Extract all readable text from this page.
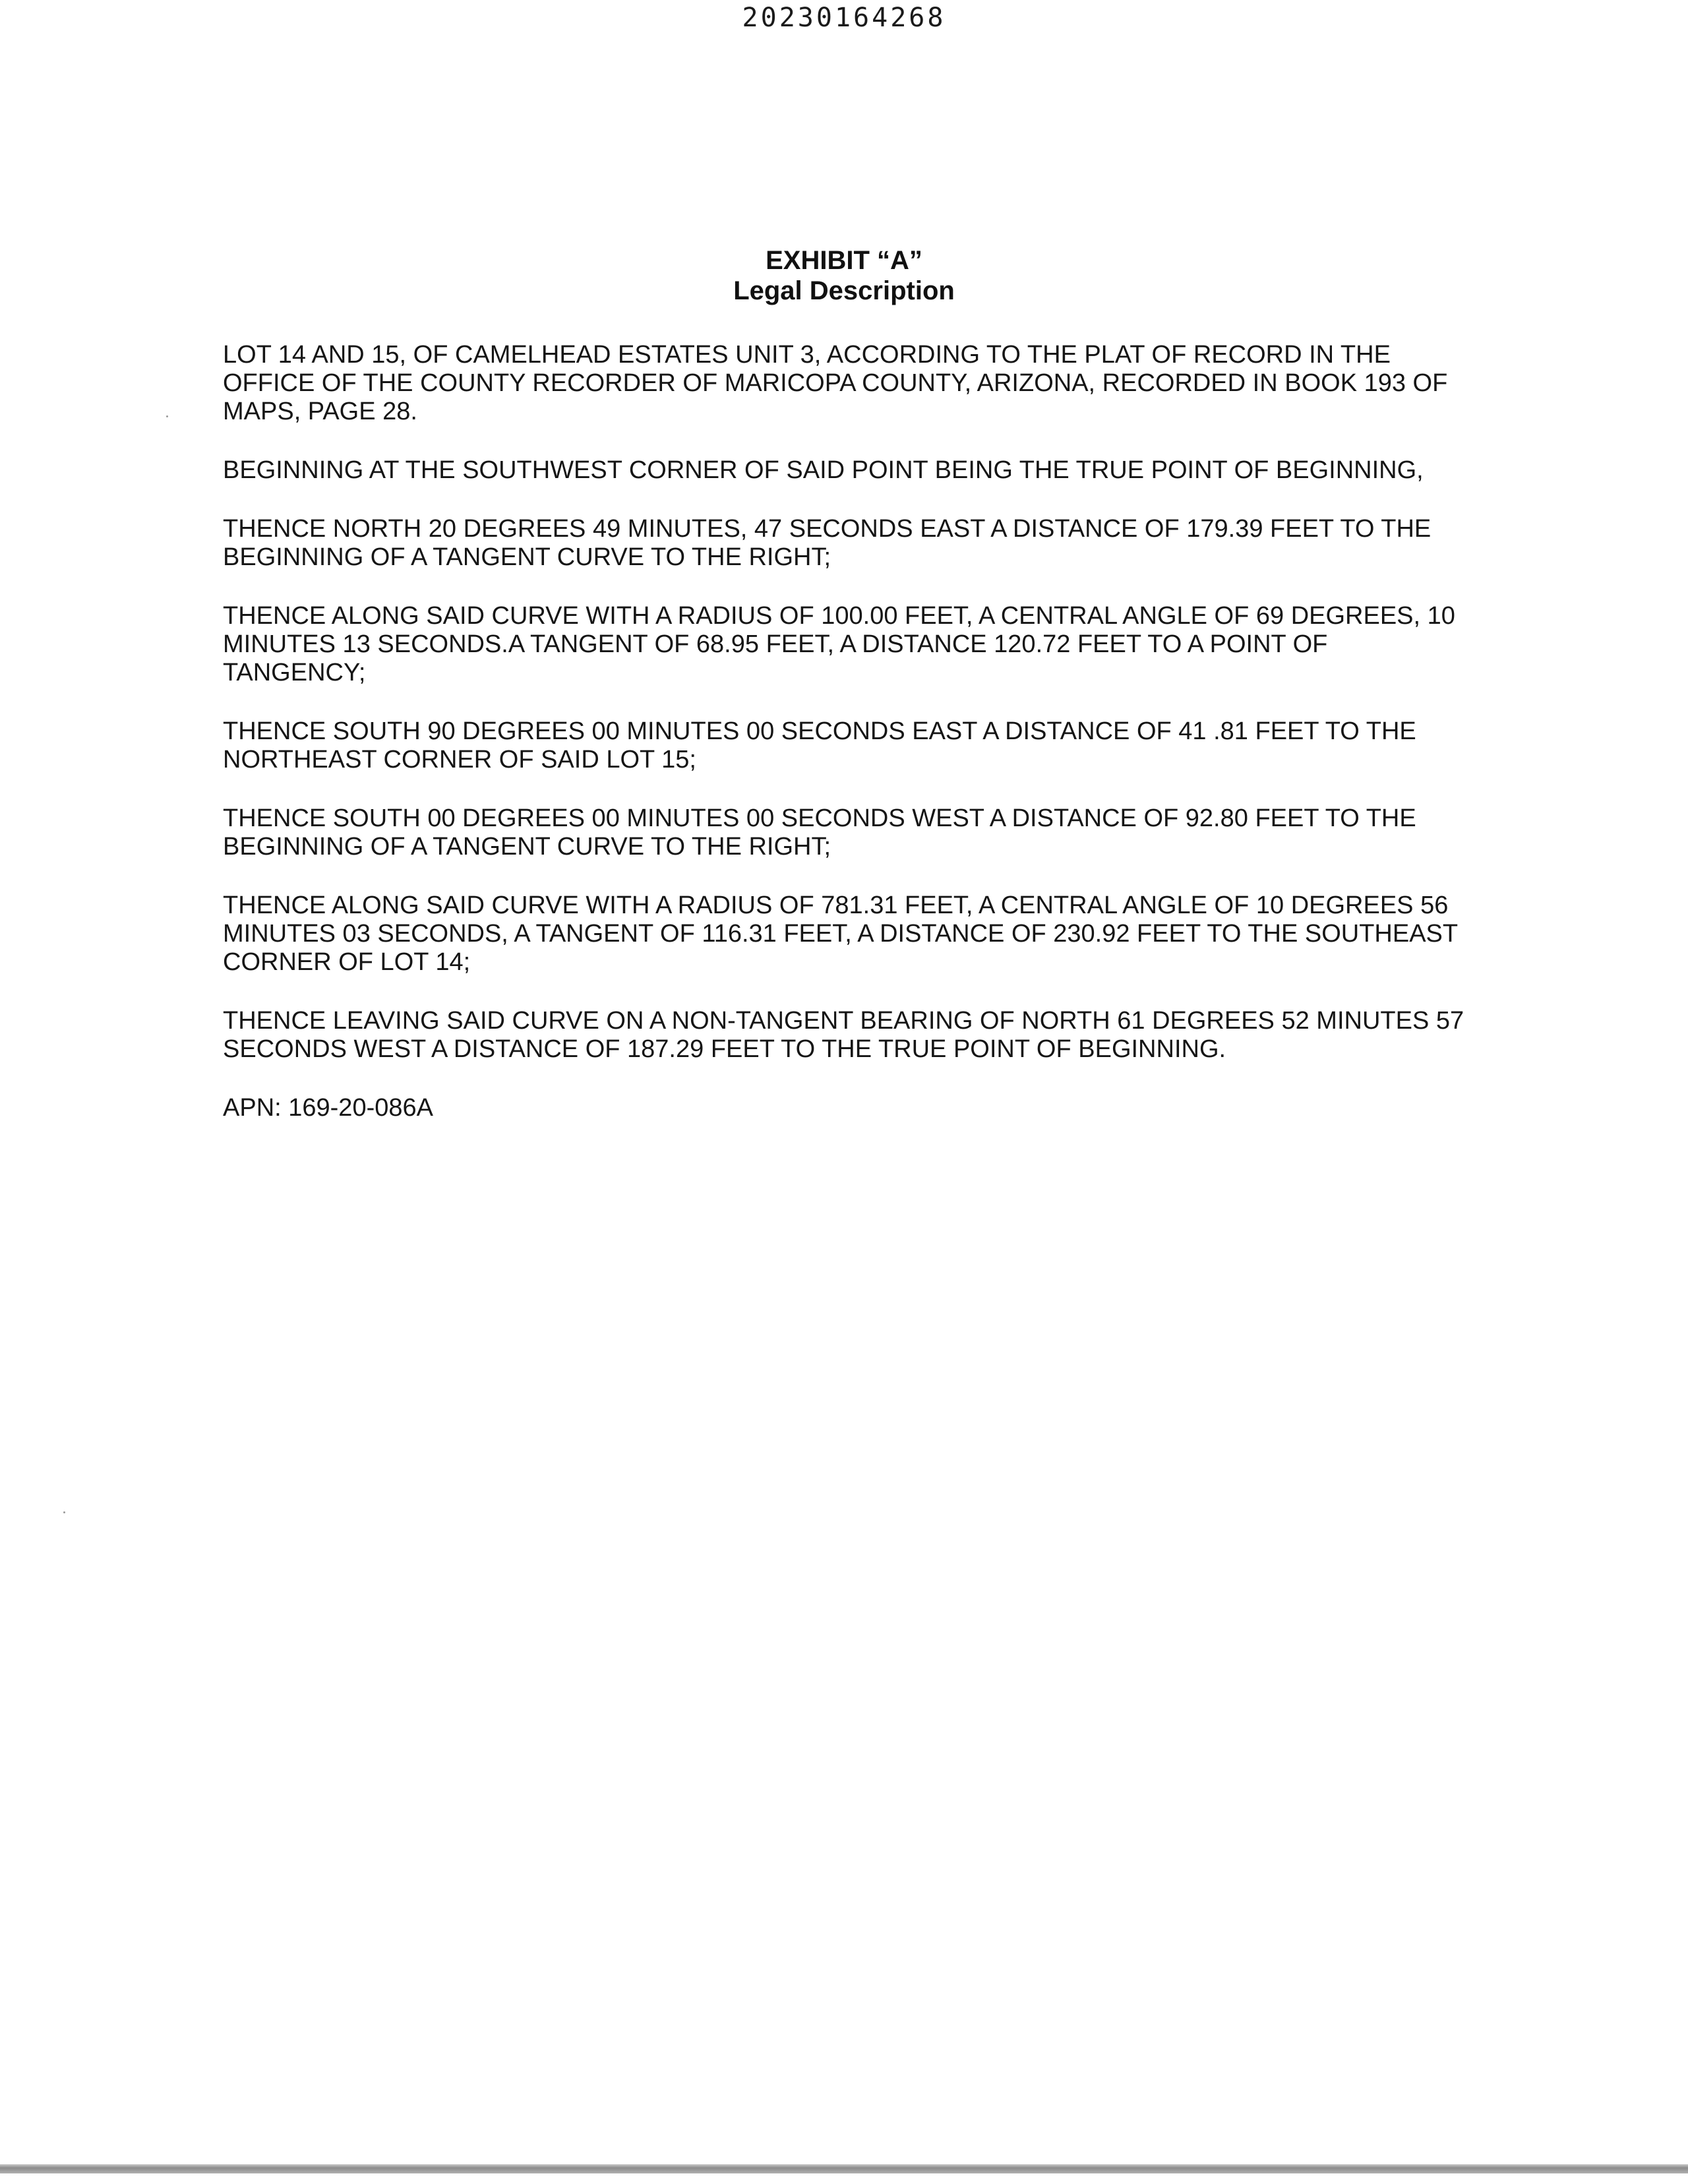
20230164268
EXHIBIT “A”
Legal Description

LOT 14 AND 15, OF CAMELHEAD ESTATES UNIT 3, ACCORDING TO THE PLAT OF RECORD IN THE OFFICE OF THE COUNTY RECORDER OF MARICOPA COUNTY, ARIZONA, RECORDED IN BOOK 193 OF MAPS, PAGE 28.

BEGINNING AT THE SOUTHWEST CORNER OF SAID POINT BEING THE TRUE POINT OF BEGINNING,

THENCE NORTH 20 DEGREES 49 MINUTES, 47 SECONDS EAST A DISTANCE OF 179.39 FEET TO THE BEGINNING OF A TANGENT CURVE TO THE RIGHT;

THENCE ALONG SAID CURVE WITH A RADIUS OF 100.00 FEET, A CENTRAL ANGLE OF 69 DEGREES, 10 MINUTES 13 SECONDS.A TANGENT OF 68.95 FEET, A DISTANCE 120.72 FEET TO A POINT OF TANGENCY;

THENCE SOUTH 90 DEGREES 00 MINUTES 00 SECONDS EAST A DISTANCE OF 41 .81 FEET TO THE NORTHEAST CORNER OF SAID LOT 15;

THENCE SOUTH 00 DEGREES 00 MINUTES 00 SECONDS WEST A DISTANCE OF 92.80 FEET TO THE BEGINNING OF A TANGENT CURVE TO THE RIGHT;

THENCE ALONG SAID CURVE WITH A RADIUS OF 781.31 FEET, A CENTRAL ANGLE OF 10 DEGREES 56 MINUTES 03 SECONDS, A TANGENT OF 116.31 FEET, A DISTANCE OF 230.92 FEET TO THE SOUTHEAST CORNER OF LOT 14;

THENCE LEAVING SAID CURVE ON A NON-TANGENT BEARING OF NORTH 61 DEGREES 52 MINUTES 57 SECONDS WEST A DISTANCE OF 187.29 FEET TO THE TRUE POINT OF BEGINNING.

APN: 169-20-086A
